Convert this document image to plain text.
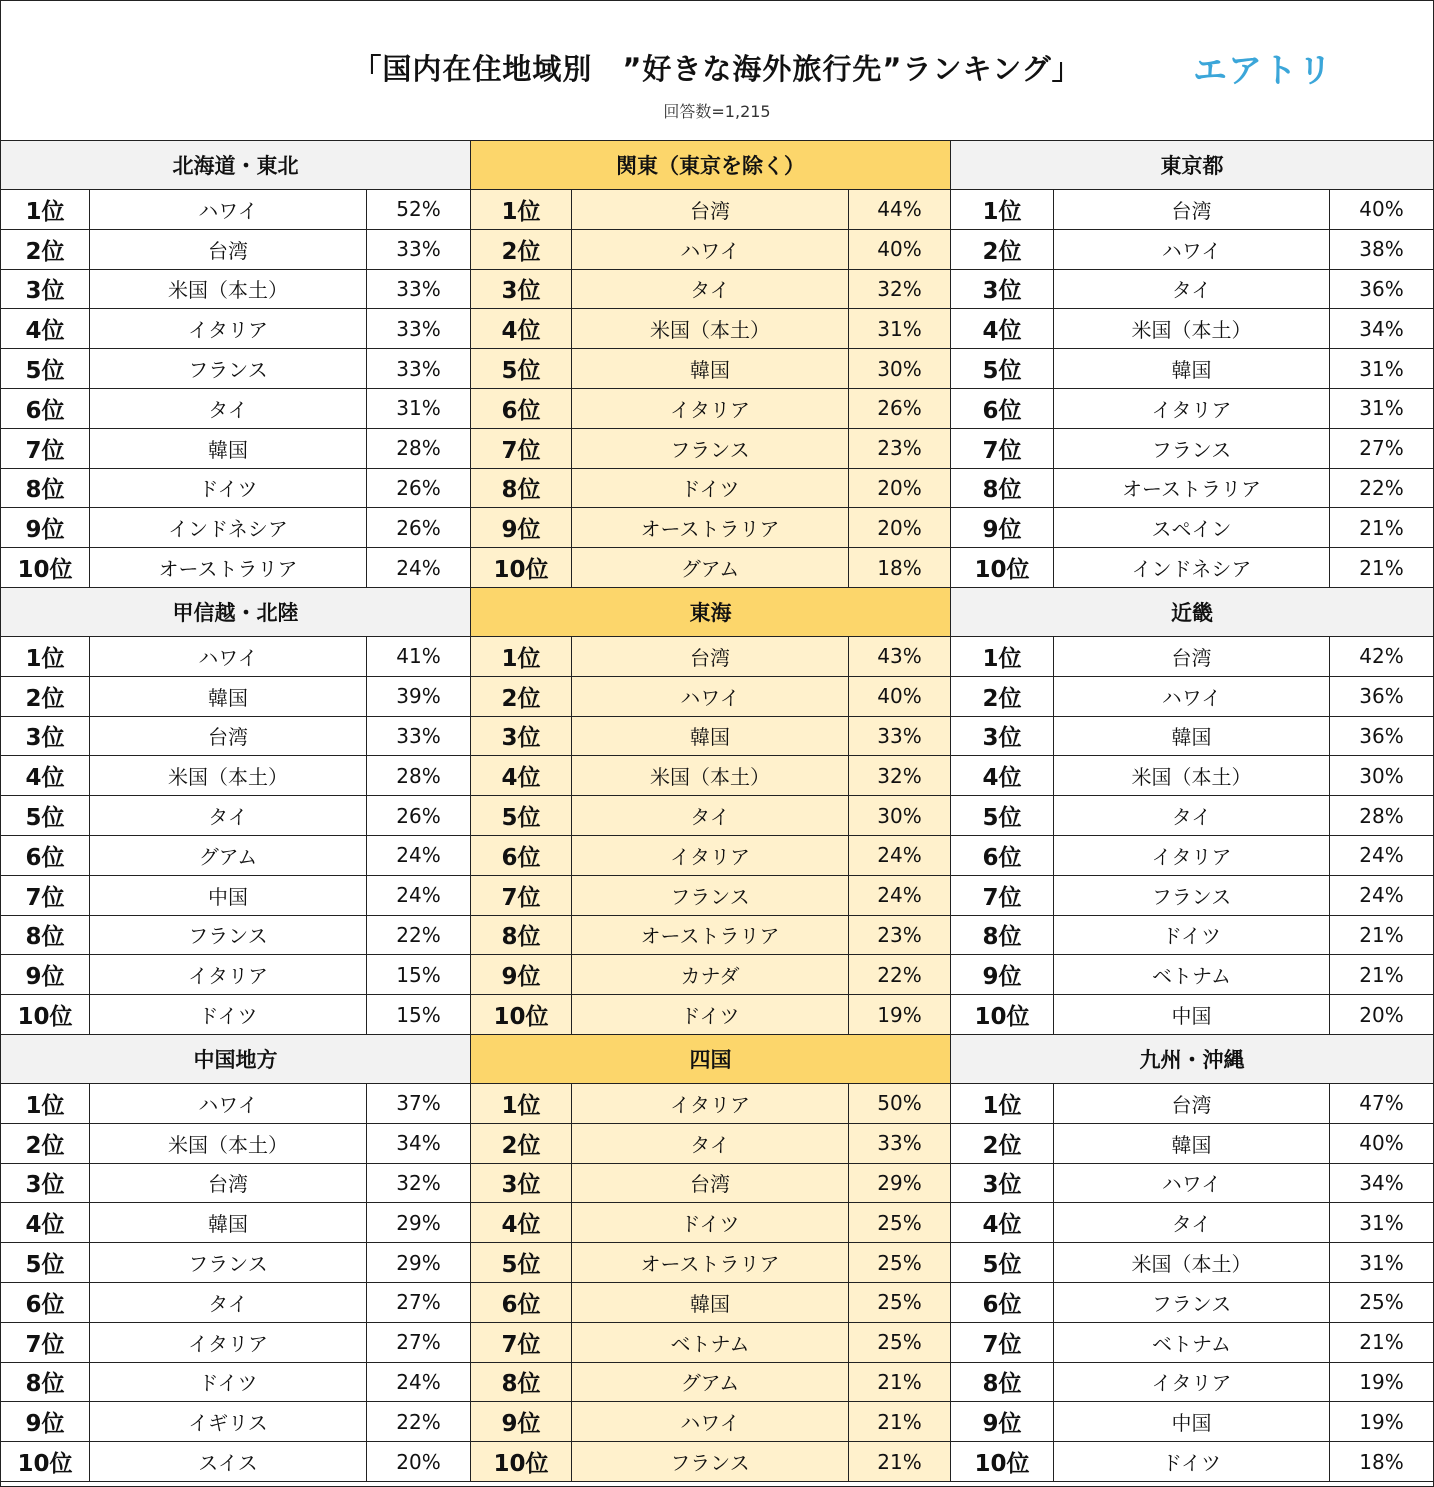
「国内在住地域別　”好きな海外旅行先”ランキング」
回答数=1,215
エアトリ
北海道・東北
1位	ハワイ	52%
2位	台湾	33%
3位	米国（本土）	33%
4位	イタリア	33%
5位	フランス	33%
6位	タイ	31%
7位	韓国	28%
8位	ドイツ	26%
9位	インドネシア	26%
10位	オーストラリア	24%
関東（東京を除く）
1位	台湾	44%
2位	ハワイ	40%
3位	タイ	32%
4位	米国（本土）	31%
5位	韓国	30%
6位	イタリア	26%
7位	フランス	23%
8位	ドイツ	20%
9位	オーストラリア	20%
10位	グアム	18%
東京都
1位	台湾	40%
2位	ハワイ	38%
3位	タイ	36%
4位	米国（本土）	34%
5位	韓国	31%
6位	イタリア	31%
7位	フランス	27%
8位	オーストラリア	22%
9位	スペイン	21%
10位	インドネシア	21%
甲信越・北陸
1位	ハワイ	41%
2位	韓国	39%
3位	台湾	33%
4位	米国（本土）	28%
5位	タイ	26%
6位	グアム	24%
7位	中国	24%
8位	フランス	22%
9位	イタリア	15%
10位	ドイツ	15%
東海
1位	台湾	43%
2位	ハワイ	40%
3位	韓国	33%
4位	米国（本土）	32%
5位	タイ	30%
6位	イタリア	24%
7位	フランス	24%
8位	オーストラリア	23%
9位	カナダ	22%
10位	ドイツ	19%
近畿
1位	台湾	42%
2位	ハワイ	36%
3位	韓国	36%
4位	米国（本土）	30%
5位	タイ	28%
6位	イタリア	24%
7位	フランス	24%
8位	ドイツ	21%
9位	ベトナム	21%
10位	中国	20%
中国地方
1位	ハワイ	37%
2位	米国（本土）	34%
3位	台湾	32%
4位	韓国	29%
5位	フランス	29%
6位	タイ	27%
7位	イタリア	27%
8位	ドイツ	24%
9位	イギリス	22%
10位	スイス	20%
四国
1位	イタリア	50%
2位	タイ	33%
3位	台湾	29%
4位	ドイツ	25%
5位	オーストラリア	25%
6位	韓国	25%
7位	ベトナム	25%
8位	グアム	21%
9位	ハワイ	21%
10位	フランス	21%
九州・沖縄
1位	台湾	47%
2位	韓国	40%
3位	ハワイ	34%
4位	タイ	31%
5位	米国（本土）	31%
6位	フランス	25%
7位	ベトナム	21%
8位	イタリア	19%
9位	中国	19%
10位	ドイツ	18%
